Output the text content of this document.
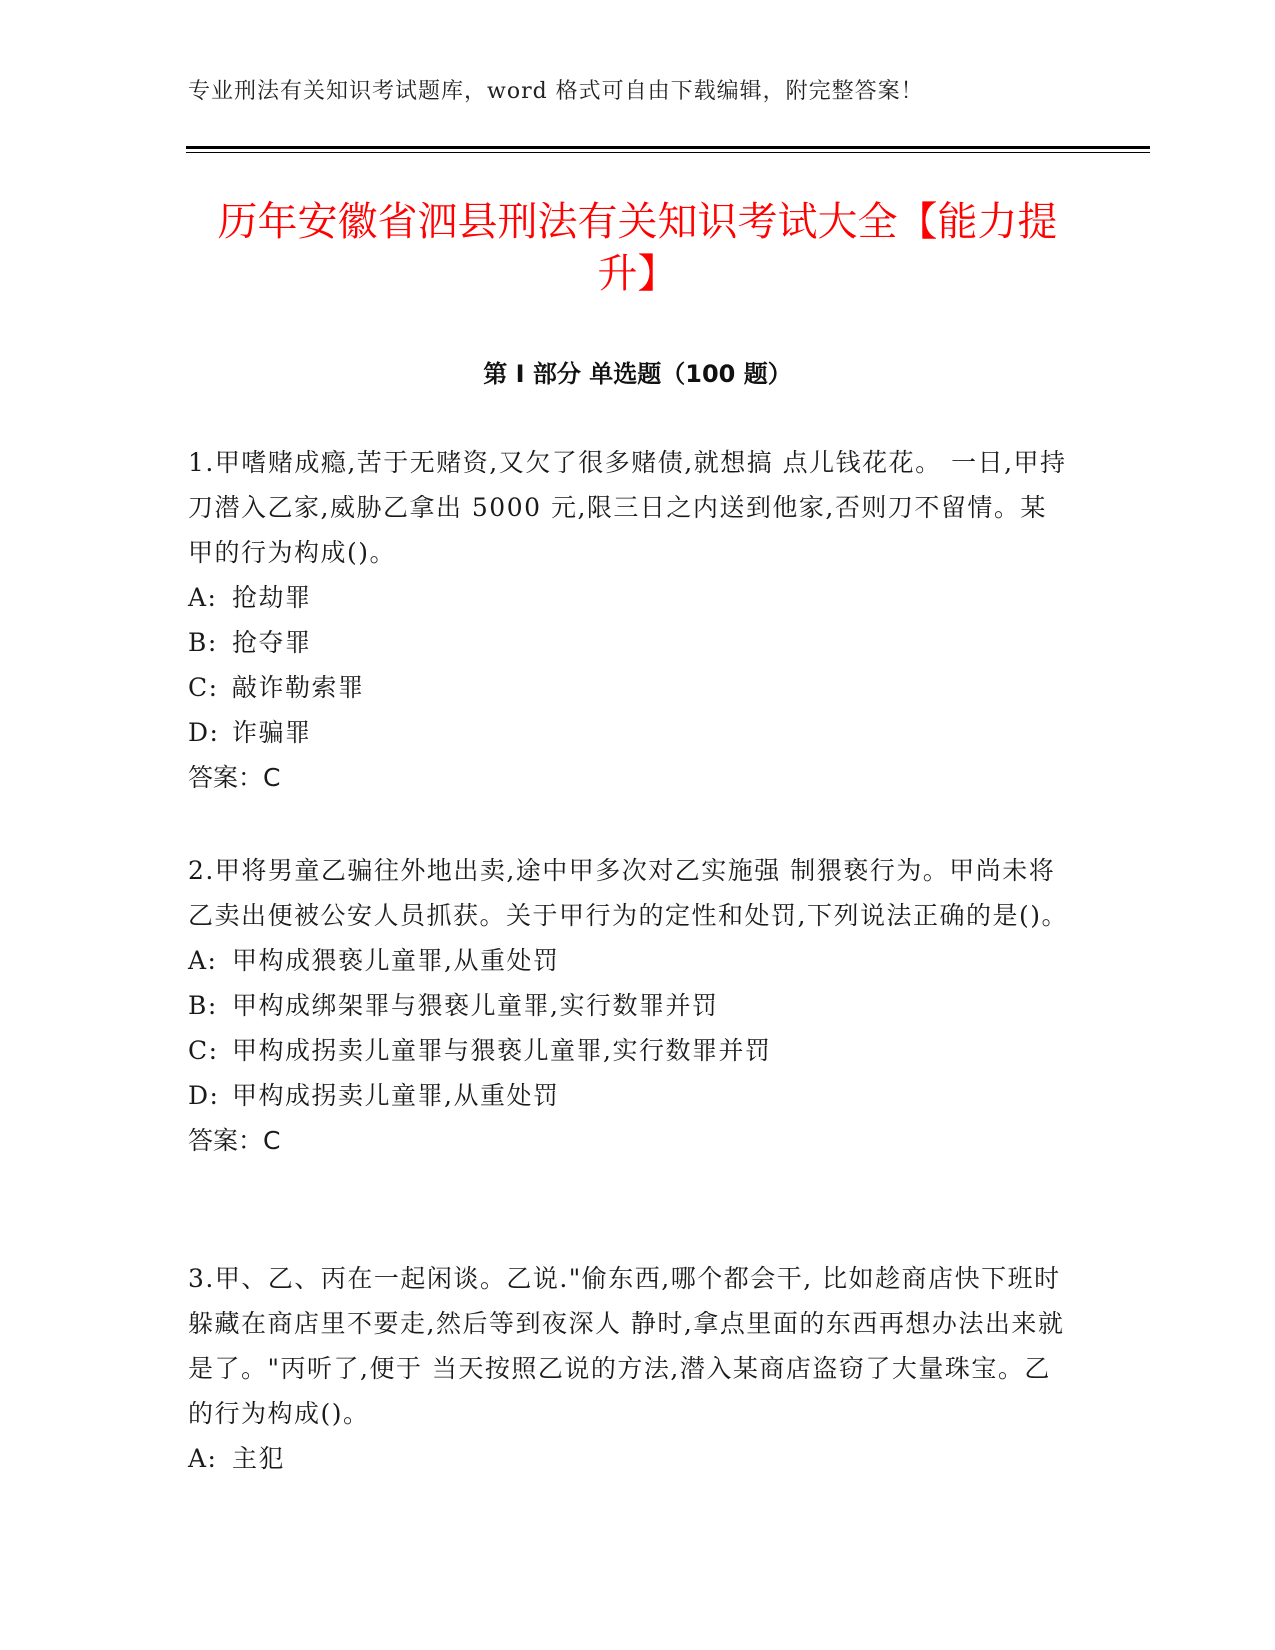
专业刑法有关知识考试题库，word 格式可自由下载编辑，附完整答案！
历年安徽省泗县刑法有关知识考试大全【能力提升】
第 I 部分 单选题（100 题）

1.甲嗜赌成瘾,苦于无赌资,又欠了很多赌债,就想搞 点儿钱花花。 一日,甲持刀潜入乙家,威胁乙拿出 5000 元,限三日之内送到他家,否则刀不留情。某甲的行为构成()。

A: 抢劫罪
B: 抢夺罪
C: 敲诈勒索罪
D: 诈骗罪
答案：C

2.甲将男童乙骗往外地出卖,途中甲多次对乙实施强 制猥亵行为。甲尚未将乙卖出便被公安人员抓获。关于甲行为的定性和处罚,下列说法正确的是()。

A: 甲构成猥亵儿童罪,从重处罚
B: 甲构成绑架罪与猥亵儿童罪,实行数罪并罚
C: 甲构成拐卖儿童罪与猥亵儿童罪,实行数罪并罚
D: 甲构成拐卖儿童罪,从重处罚
答案：C

3.甲、乙、丙在一起闲谈。乙说."偷东西,哪个都会干, 比如趁商店快下班时躲藏在商店里不要走,然后等到夜深人 静时,拿点里面的东西再想办法出来就是了。"丙听了,便于 当天按照乙说的方法,潜入某商店盗窃了大量珠宝。乙的行为构成()。

A: 主犯
